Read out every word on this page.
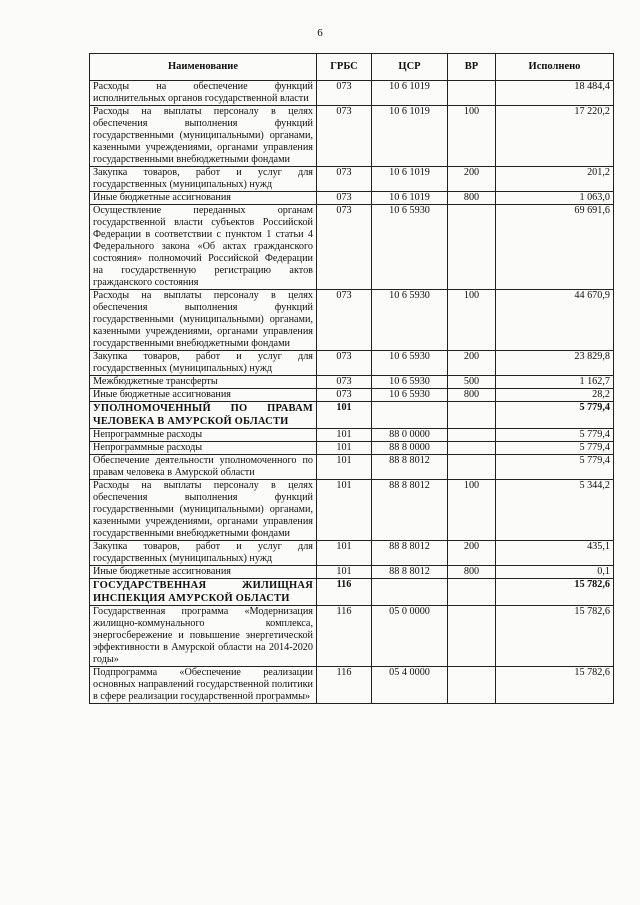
6
Наименование	ГРБС	ЦСР	ВР	Исполнено
Расходы на обеспечение функций исполнительных органов государственной власти	073	10 6 1019		18 484,4
Расходы на выплаты персоналу в целях обеспечения выполнения функций государственными (муниципальными) органами, казенными учреждениями, органами управления государственными внебюджетными фондами	073	10 6 1019	100	17 220,2
Закупка товаров, работ и услуг для государственных (муниципальных) нужд	073	10 6 1019	200	201,2
Иные бюджетные ассигнования	073	10 6 1019	800	1 063,0
Осуществление переданных органам государственной власти субъектов Российской Федерации в соответствии с пунктом 1 статьи 4 Федерального закона «Об актах гражданского состояния» полномочий Российской Федерации на государственную регистрацию актов гражданского состояния	073	10 6 5930		69 691,6
Расходы на выплаты персоналу в целях обеспечения выполнения функций государственными (муниципальными) органами, казенными учреждениями, органами управления государственными внебюджетными фондами	073	10 6 5930	100	44 670,9
Закупка товаров, работ и услуг для государственных (муниципальных) нужд	073	10 6 5930	200	23 829,8
Межбюджетные трансферты	073	10 6 5930	500	1 162,7
Иные бюджетные ассигнования	073	10 6 5930	800	28,2
УПОЛНОМОЧЕННЫЙ ПО ПРАВАМ ЧЕЛОВЕКА В АМУРСКОЙ ОБЛАСТИ	101			5 779,4
Непрограммные расходы	101	88 0 0000		5 779,4
Непрограммные расходы	101	88 8 0000		5 779,4
Обеспечение деятельности уполномоченного по правам человека в Амурской области	101	88 8 8012		5 779,4
Расходы на выплаты персоналу в целях обеспечения выполнения функций государственными (муниципальными) органами, казенными учреждениями, органами управления государственными внебюджетными фондами	101	88 8 8012	100	5 344,2
Закупка товаров, работ и услуг для государственных (муниципальных) нужд	101	88 8 8012	200	435,1
Иные бюджетные ассигнования	101	88 8 8012	800	0,1
ГОСУДАРСТВЕННАЯ ЖИЛИЩНАЯ ИНСПЕКЦИЯ АМУРСКОЙ ОБЛАСТИ	116			15 782,6
Государственная программа «Модернизация жилищно-коммунального комплекса, энергосбережение и повышение энергетической эффективности в Амурской области на 2014-2020 годы»	116	05 0 0000		15 782,6
Подпрограмма «Обеспечение реализации основных направлений государственной политики в сфере реализации государственной программы»	116	05 4 0000		15 782,6
